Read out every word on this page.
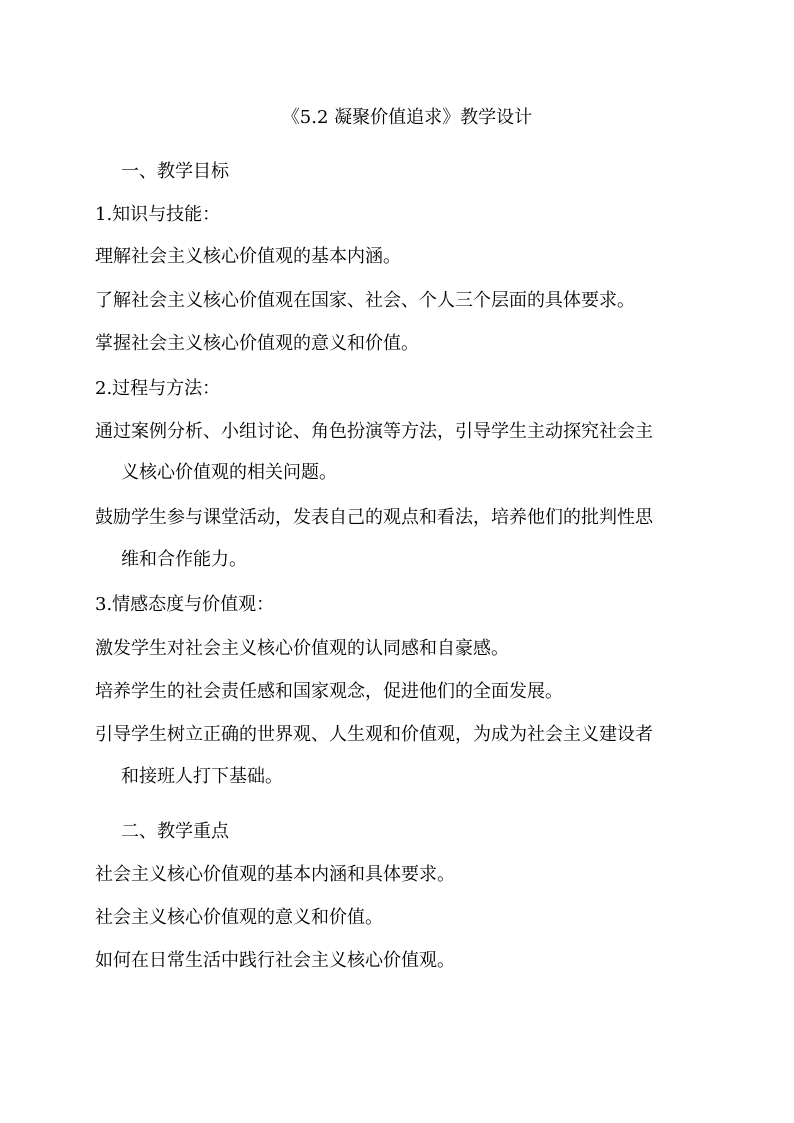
《5.2 凝聚价值追求》教学设计
一、教学目标
1.知识与技能：
理解社会主义核心价值观的基本内涵。
了解社会主义核心价值观在国家、社会、个人三个层面的具体要求。
掌握社会主义核心价值观的意义和价值。
2.过程与方法：
通过案例分析、小组讨论、角色扮演等方法，引导学生主动探究社会主
义核心价值观的相关问题。
鼓励学生参与课堂活动，发表自己的观点和看法，培养他们的批判性思
维和合作能力。
3.情感态度与价值观：
激发学生对社会主义核心价值观的认同感和自豪感。
培养学生的社会责任感和国家观念，促进他们的全面发展。
引导学生树立正确的世界观、人生观和价值观，为成为社会主义建设者
和接班人打下基础。
二、教学重点
社会主义核心价值观的基本内涵和具体要求。
社会主义核心价值观的意义和价值。
如何在日常生活中践行社会主义核心价值观。
